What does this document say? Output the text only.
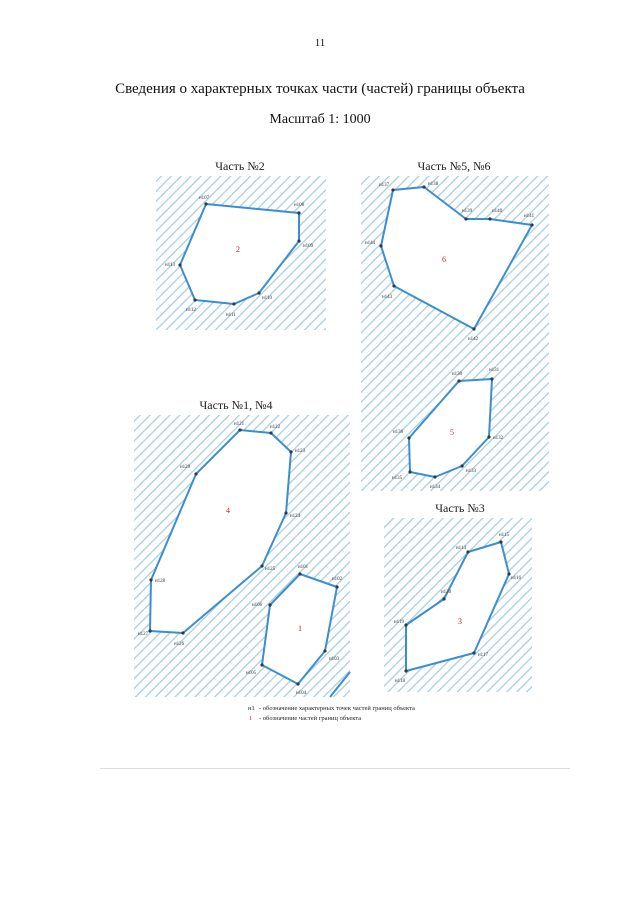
11
Сведения о характерных точках части (частей) границы объекта
Масштаб 1: 1000
Часть №2
н107
н108
н109
н110
н111
н112
н113
2
Часть №5, №6
н137	н138
н139	н140
н141
н142
н143
н144
6
н130
н131
н132
н133
н134
н135
н136	5
Часть №1, №4
н121
н122
н123
н124
н125
н126
н127
н128
н129
4
н101
н102
н103
н104
н105
н106
1
Часть №3
н114
н115
н116
н117
н118
н119
н120
3
н1 - обозначение характерных точек частей границ объекта
1 - обозначение частей границ объекта
